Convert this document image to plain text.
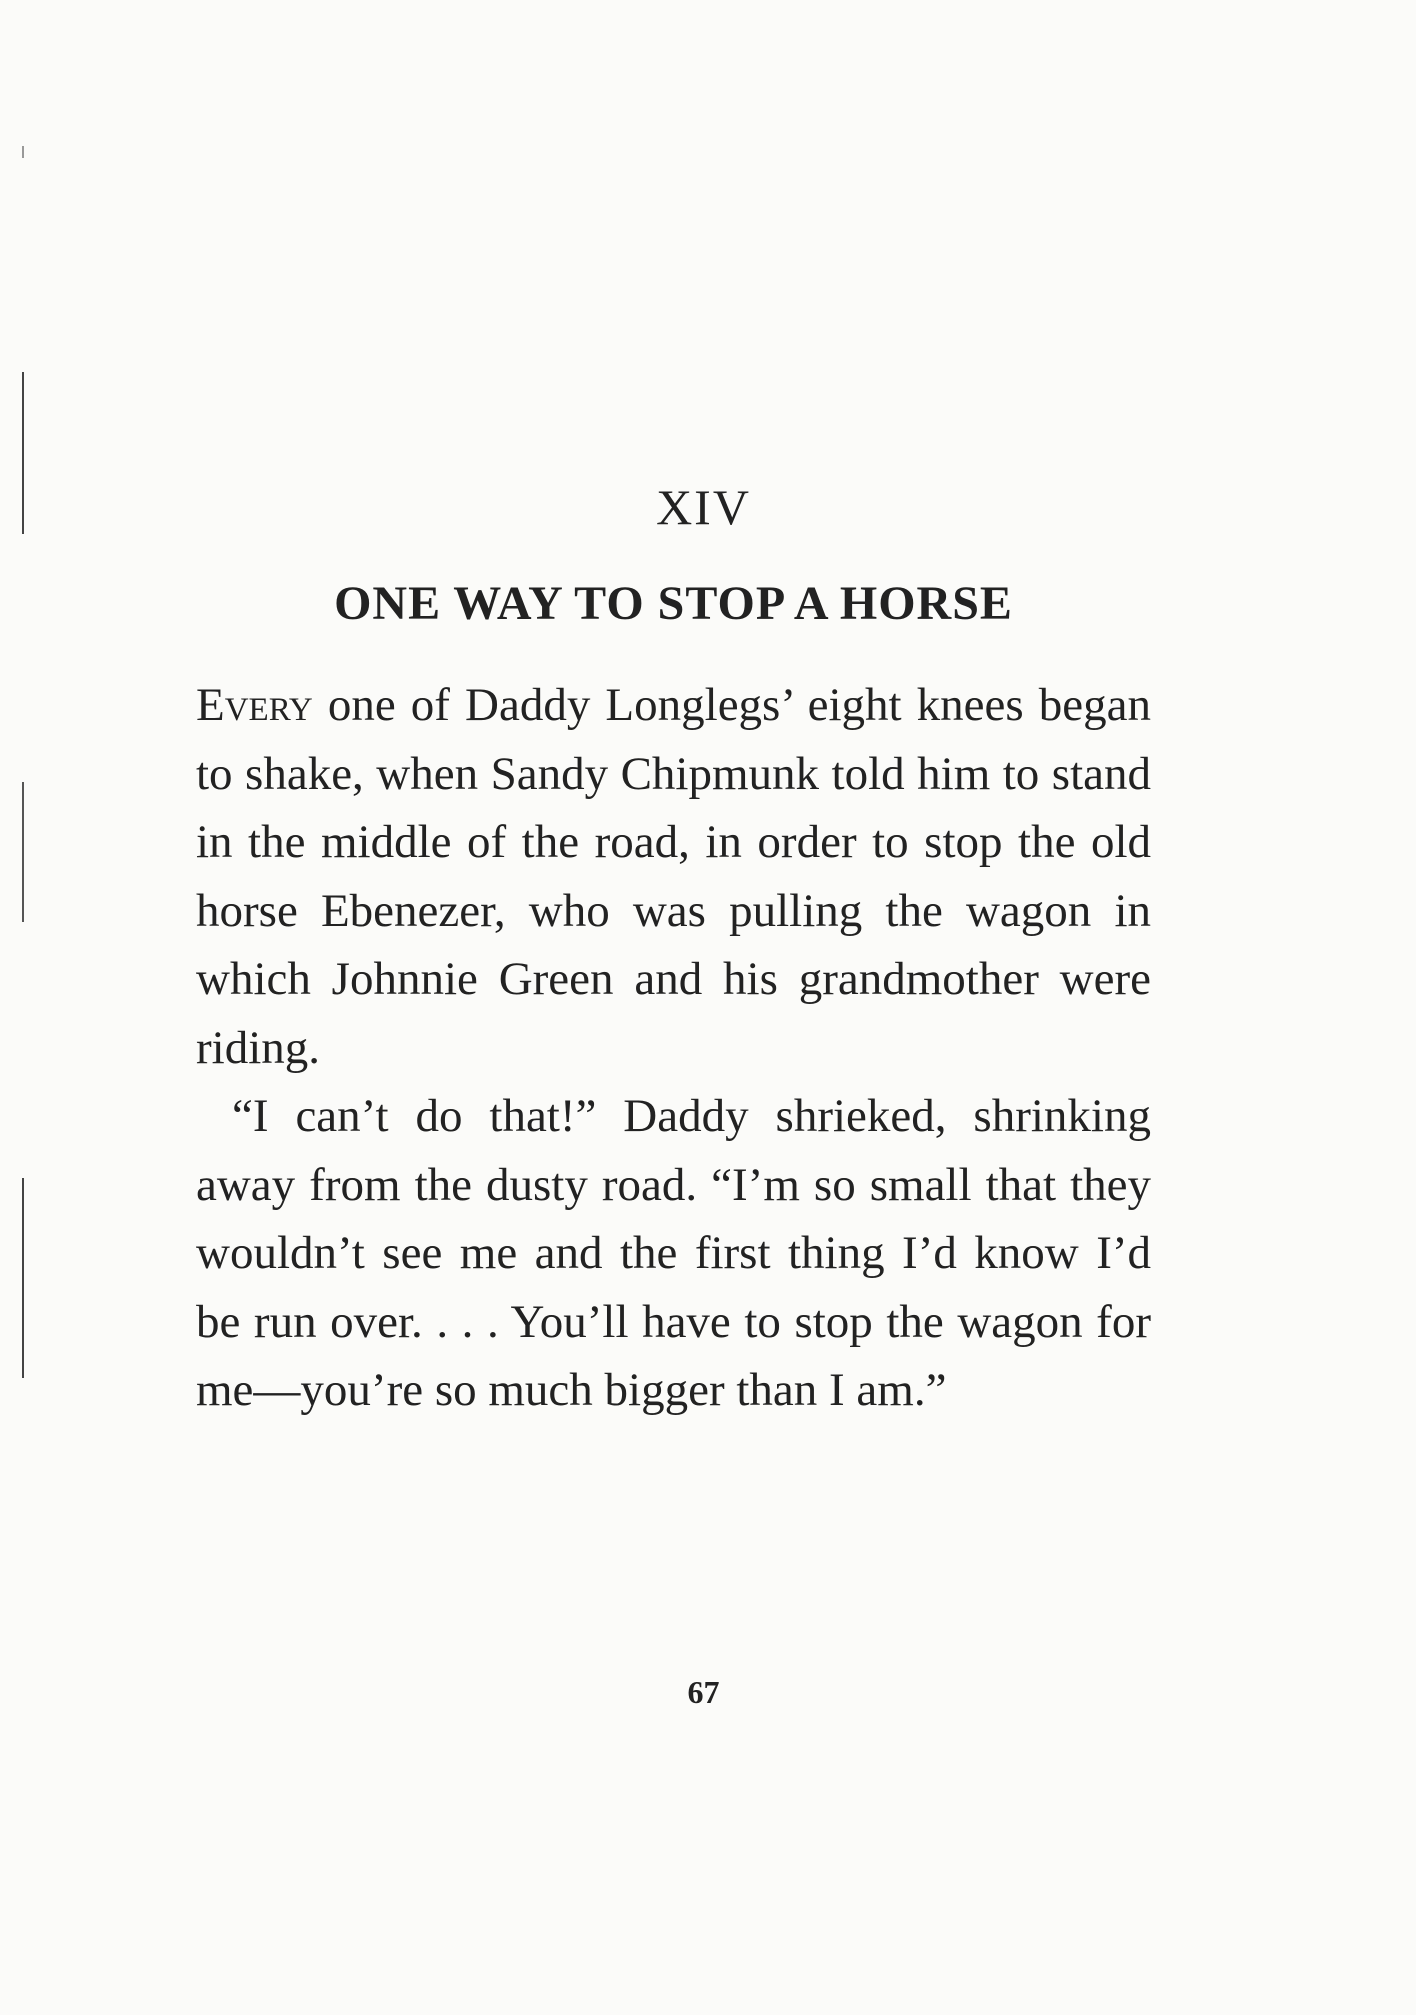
XIV
ONE WAY TO STOP A HORSE

Every one of Daddy Longlegs’ eight knees began to shake, when Sandy Chipmunk told him to stand in the middle of the road, in order to stop the old horse Ebenezer, who was pulling the wagon in which Johnnie Green and his grandmother were riding.

“I can’t do that!” Daddy shrieked, shrinking away from the dusty road. “I’m so small that they wouldn’t see me and the first thing I’d know I’d be run over. . . . You’ll have to stop the wagon for me—you’re so much bigger than I am.”

67
